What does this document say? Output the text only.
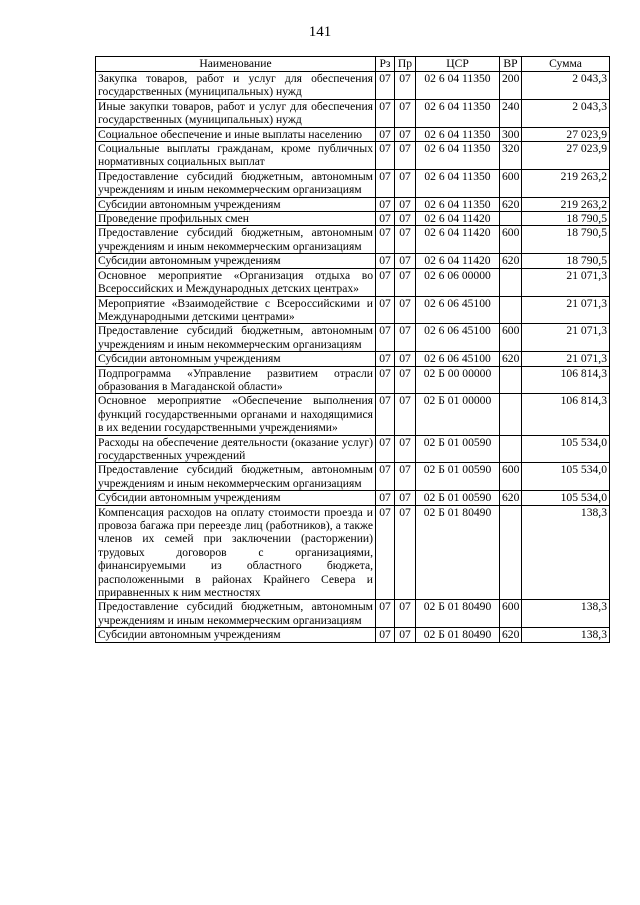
141
Наименование	Рз	Пр	ЦСР	ВР	Сумма
Закупка товаров, работ и услуг для обеспечения государственных (муниципальных) нужд	07	07	02 6 04 11350	200	2 043,3
Иные закупки товаров, работ и услуг для обеспечения государственных (муниципальных) нужд	07	07	02 6 04 11350	240	2 043,3
Социальное обеспечение и иные выплаты населению	07	07	02 6 04 11350	300	27 023,9
Социальные выплаты гражданам, кроме публичных нормативных социальных выплат	07	07	02 6 04 11350	320	27 023,9
Предоставление субсидий бюджетным, автономным учреждениям и иным некоммерческим организациям	07	07	02 6 04 11350	600	219 263,2
Субсидии автономным учреждениям	07	07	02 6 04 11350	620	219 263,2
Проведение профильных смен	07	07	02 6 04 11420		18 790,5
Предоставление субсидий бюджетным, автономным учреждениям и иным некоммерческим организациям	07	07	02 6 04 11420	600	18 790,5
Субсидии автономным учреждениям	07	07	02 6 04 11420	620	18 790,5
Основное мероприятие «Организация отдыха во Всероссийских и Международных детских центрах»	07	07	02 6 06 00000		21 071,3
Мероприятие «Взаимодействие с Всероссийскими и Международными детскими центрами»	07	07	02 6 06 45100		21 071,3
Предоставление субсидий бюджетным, автономным учреждениям и иным некоммерческим организациям	07	07	02 6 06 45100	600	21 071,3
Субсидии автономным учреждениям	07	07	02 6 06 45100	620	21 071,3
Подпрограмма «Управление развитием отрасли образования в Магаданской области»	07	07	02 Б 00 00000		106 814,3
Основное мероприятие «Обеспечение выполнения функций государственными органами и находящимися в их ведении государственными учреждениями»	07	07	02 Б 01 00000		106 814,3
Расходы на обеспечение деятельности (оказание услуг) государственных учреждений	07	07	02 Б 01 00590		105 534,0
Предоставление субсидий бюджетным, автономным учреждениям и иным некоммерческим организациям	07	07	02 Б 01 00590	600	105 534,0
Субсидии автономным учреждениям	07	07	02 Б 01 00590	620	105 534,0
Компенсация расходов на оплату стоимости проезда и провоза багажа при переезде лиц (работников), а также членов их семей при заключении (расторжении) трудовых договоров с организациями, финансируемыми из областного бюджета, расположенными в районах Крайнего Севера и приравненных к ним местностях	07	07	02 Б 01 80490		138,3
Предоставление субсидий бюджетным, автономным учреждениям и иным некоммерческим организациям	07	07	02 Б 01 80490	600	138,3
Субсидии автономным учреждениям	07	07	02 Б 01 80490	620	138,3
